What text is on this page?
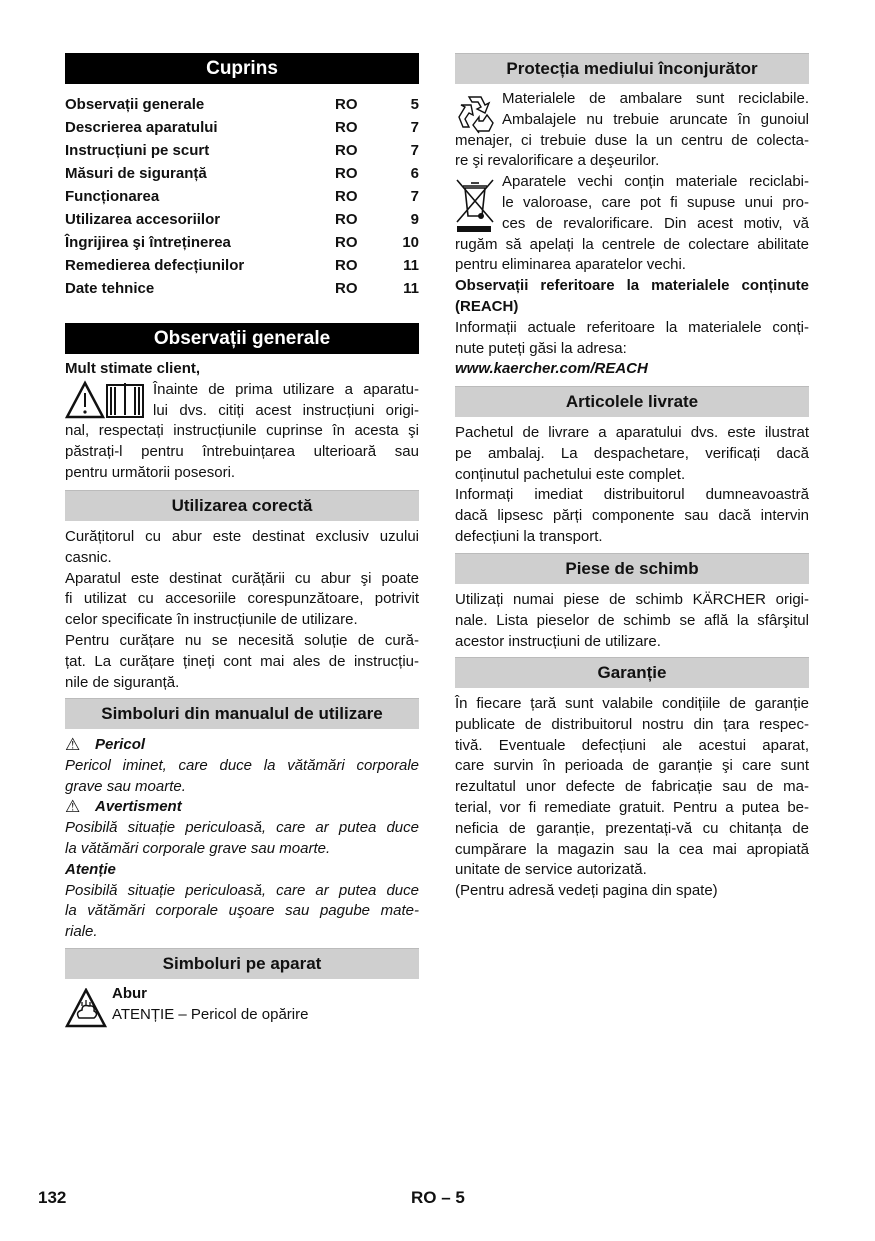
Cuprins
Observații generale	RO	5
Descrierea aparatului	RO	7
Instrucțiuni pe scurt	RO	7
Măsuri de siguranță	RO	6
Funcționarea	RO	7
Utilizarea accesoriilor	RO	9
Îngrijirea şi întreținerea	RO	10
Remedierea defecțiunilor	RO	11
Date tehnice	RO	11
Observații generale
Mult stimate client,
Înainte de prima utilizare a aparatu-
lui dvs. citiți acest instrucțiuni origi-
nal, respectați instrucțiunile cuprinse în acesta şi
păstrați-l pentru întrebuințarea ulterioară sau
pentru următorii posesori.
Utilizarea corectă
Curățitorul cu abur este destinat exclusiv uzului
casnic.
Aparatul este destinat curățării cu abur şi poate
fi utilizat cu accesoriile corespunzătoare, potrivit
celor specificate în instrucțiunile de utilizare.
Pentru curățare nu se necesită soluție de cură-
țat. La curățare țineți cont mai ales de instrucțiu-
nile de siguranță.
Simboluri din manualul de utilizare
⚠ Pericol
Pericol iminet, care duce la vătămări corporale
grave sau moarte.
⚠ Avertisment
Posibilă situație periculoasă, care ar putea duce
la vătămări corporale grave sau moarte.
Atenție
Posibilă situație periculoasă, care ar putea duce
la vătămări corporale uşoare sau pagube mate-
riale.
Simboluri pe aparat
Abur
ATENȚIE – Pericol de opărire
Protecția mediului înconjurător
Materialele de ambalare sunt reciclabile.
Ambalajele nu trebuie aruncate în gunoiul
menajer, ci trebuie duse la un centru de colecta-
re şi revalorificare a deşeurilor.
Aparatele vechi conțin materiale reciclabi-
le valoroase, care pot fi supuse unui pro-
ces de revalorificare. Din acest motiv, vă
rugăm să apelați la centrele de colectare abilitate
pentru eliminarea aparatelor vechi.
Observații referitoare la materialele conținute
(REACH)
Informații actuale referitoare la materialele conți-
nute puteți găsi la adresa:
www.kaercher.com/REACH
Articolele livrate
Pachetul de livrare a aparatului dvs. este ilustrat
pe ambalaj. La despachetare, verificați dacă
conținutul pachetului este complet.
Informați imediat distribuitorul dumneavoastră
dacă lipsesc părți componente sau dacă intervin
defecțiuni la transport.
Piese de schimb
Utilizați numai piese de schimb KÄRCHER origi-
nale. Lista pieselor de schimb se află la sfârşitul
acestor instrucțiuni de utilizare.
Garanție
În fiecare țară sunt valabile condițiile de garanție
publicate de distribuitorul nostru din țara respec-
tivă. Eventuale defecțiuni ale acestui aparat,
care survin în perioada de garanție şi care sunt
rezultatul unor defecte de fabricație sau de ma-
terial, vor fi remediate gratuit. Pentru a putea be-
neficia de garanție, prezentați-vă cu chitanța de
cumpărare la magazin sau la cea mai apropiată
unitate de service autorizată.
(Pentru adresă vedeți pagina din spate)
132	RO – 5
